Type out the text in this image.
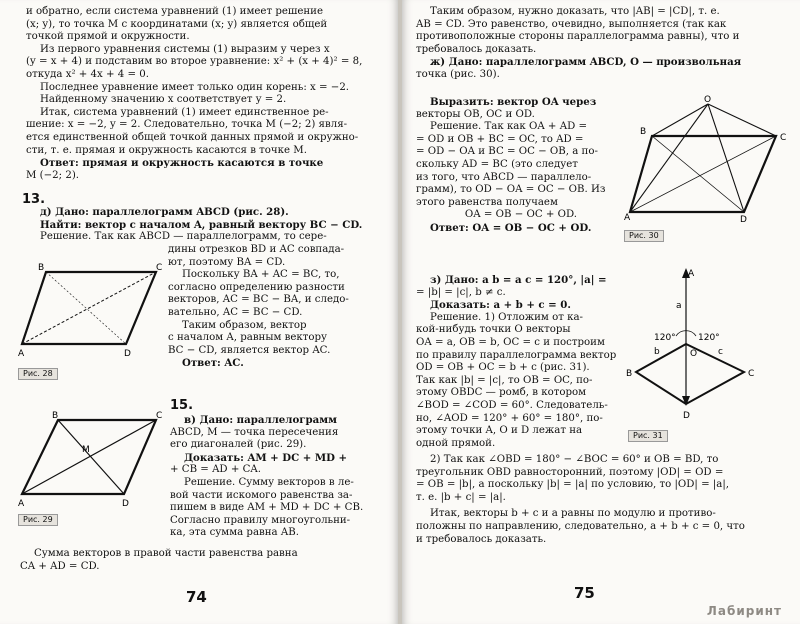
и обратно, если система уравнений (1) имеет решение

(x; y), то точка M с координатами (x; y) является общей

точкой прямой и окружности.

Из первого уравнения системы (1) выразим y через x

(y = x + 4) и подставим во второе уравнение: x² + (x + 4)² = 8,

откуда x² + 4x + 4 = 0.

Последнее уравнение имеет только один корень: x = −2.

Найденному значению x соответствует y = 2.

Итак, система уравнений (1) имеет единственное ре-

шение: x = −2, y = 2. Следовательно, точка M (−2; 2) явля-

ется единственной общей точкой данных прямой и окружно-

сти, т. е. прямая и окружность касаются в точке M.

Ответ: прямая и окружность касаются в точке

M (−2; 2).

13.

д) Дано: параллелограмм ABCD (рис. 28).

Найти: вектор с началом A, равный вектору BC − CD.

Решение. Так как ABCD — параллелограмм, то сере-

дины отрезков BD и AC совпада-

ют, поэтому BA = CD.

Поскольку BA + AC = BC, то,

согласно определению разности

векторов, AC = BC − BA, и следо-

вательно, AC = BC − CD.

Таким образом, вектор

с началом A, равным вектору

BC − CD, является вектор AC.

Ответ: AC.

B	C
A	D
Рис. 28
15.

в) Дано: параллелограмм

ABCD, M — точка пересечения

его диагоналей (рис. 29).

Доказать: AM + DC + MD +

+ CB = AD + CA.

Решение. Сумму векторов в ле-

вой части искомого равенства за-

пишем в виде AM + MD + DC + CB.

Согласно правилу многоугольни-

ка, эта сумма равна AB.

Сумма векторов в правой части равенства равна

CA + AD = CD.

B	C
M
A	D
Рис. 29
74

Таким образом, нужно доказать, что |AB| = |CD|, т. е.

AB = CD. Это равенство, очевидно, выполняется (так как

противоположные стороны параллелограмма равны), что и

требовалось доказать.

ж) Дано: параллелограмм ABCD, O — произвольная

точка (рис. 30).

Выразить: вектор OA через

векторы OB, OC и OD.

Решение. Так как OA + AD =

= OD и OB + BC = OC, то AD =

= OD − OA и BC = OC − OB, а по-

скольку AD = BC (это следует

из того, что ABCD — параллело-

грамм), то OD − OA = OC − OB. Из

этого равенства получаем

OA = OB − OC + OD.

Ответ: OA = OB − OC + OD.

O
B
C
A	D
Рис. 30

з) Дано: a b = a c = 120°, |a| =

= |b| = |c|, b ≠ c.

Доказать: a + b + c = 0.

Решение. 1) Отложим от ка-

кой-нибудь точки O векторы

OA = a, OB = b, OC = c и построим

по правилу параллелограмма вектор

OD = OB + OC = b + c (рис. 31).

Так как |b| = |c|, то OB = OC, по-

этому OBDC — ромб, в котором

∠BOD = ∠COD = 60°. Следователь-

но, ∠AOD = 120° + 60° = 180°, по-

этому точки A, O и D лежат на

одной прямой.

2) Так как ∠OBD = 180° − ∠BOC = 60° и OB = BD, то

треугольник OBD равносторонний, поэтому |OD| = OD =

= OB = |b|, а поскольку |b| = |a| по условию, то |OD| = |a|,

т. е. |b + c| = |a|.

Итак, векторы b + c и a равны по модулю и противо-

положны по направлению, следовательно, a + b + c = 0, что

и требовалось доказать.

A
a
120° 120°
b	c
O
B	C
D
Рис. 31
75
Лабиринт
